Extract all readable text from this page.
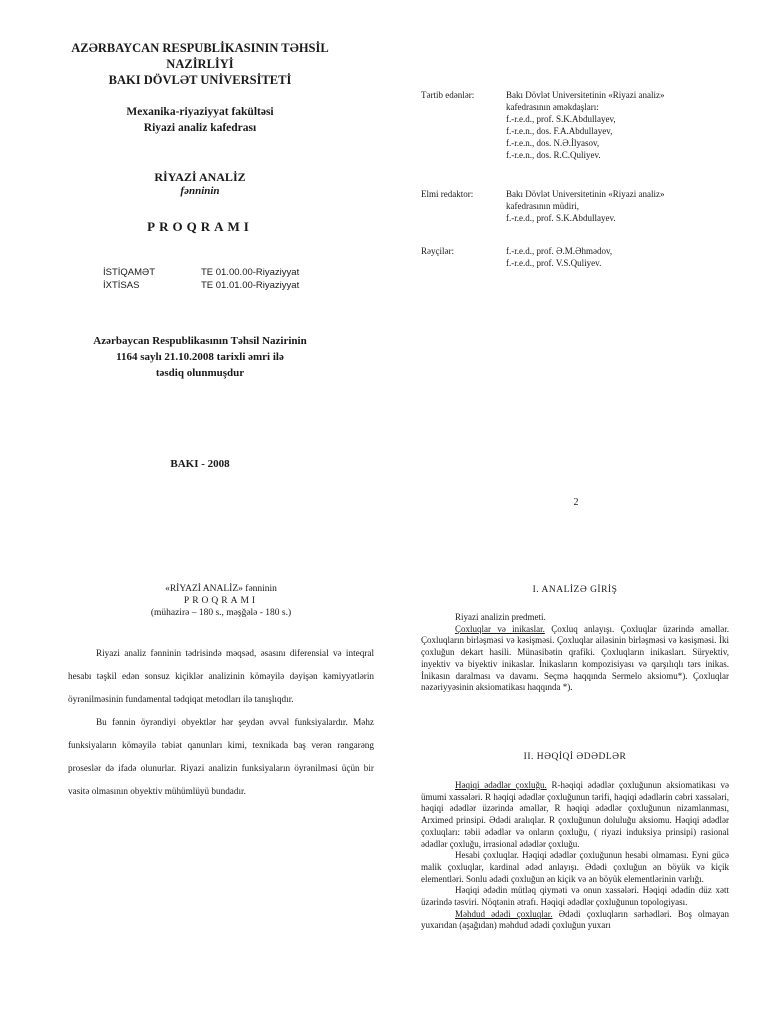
AZƏRBAYCAN RESPUBLİKASININ TƏHSİL
NAZİRLİYİ
BAKI DÖVLƏT UNİVERSİTETİ
Mexanika-riyaziyyat fakültəsi
Riyazi analiz kafedrası
RİYAZİ ANALİZ
fənninin
PROQRAMI
İSTİQAMƏT	TE 01.00.00-Riyaziyyat
İXTİSAS	TE 01.01.00-Riyaziyyat
Azərbaycan Respublikasının Təhsil Nazirinin
1164 saylı 21.10.2008 tarixli əmri ilə
təsdiq olunmuşdur
BAKI - 2008
Tərtib edənlər:	Bakı Dövlət Universitetinin «Riyazi analiz»
kafedrasının əməkdaşları:
f.-r.e.d., prof. S.K.Abdullayev,
f.-r.e.n., dos. F.A.Abdullayev,
f.-r.e.n., dos. N.Ə.İlyasov,
f.-r.e.n., dos. R.C.Quliyev.
Elmi redaktor:	Bakı Dövlət Universitetinin «Riyazi analiz»
kafedrasının müdiri,
f.-r.e.d., prof. S.K.Abdullayev.
Rəyçilər:	f.-r.e.d., prof. Ə.M.Əhmədov,
f.-r.e.d., prof. V.S.Quliyev.
2
«RİYAZİ ANALİZ» fənninin
PROQRAMI
(mühazirə – 180 s., məşğələ - 180 s.)

Riyazi analiz fənninin tədrisində məqsəd, əsasını diferensial və inteqral hesabı təşkil edən sonsuz kiçiklər analizinin köməyilə dəyişən kəmiyyətlərin öyrənilməsinin fundamental tədqiqat metodları ilə tanışlıqdır.

Bu fənnin öyrəndiyi obyektlər hər şeydən əvvəl funksiyalardır. Məhz funksiyaların köməyilə təbiət qanunları kimi, texnikada baş verən rəngarəng proseslər də ifadə olunurlar. Riyazi analizin funksiyaların öyrənilməsi üçün bir vasitə olmasının obyektiv mühümlüyü bundadır.

I. ANALİZƏ GİRİŞ

Riyazi analizin predmeti.

Çoxluqlar və inikaslar. Çoxluq anlayışı. Çoxluqlar üzərində əməllər. Çoxluqların birləşməsi və kəsişməsi. Çoxluqlar ailəsinin birləşməsi və kəsişməsi. İki çoxluğun dekart hasili. Münasibətin qrafiki. Çoxluqların inikasları. Süryektiv, inyektiv və biyektiv inikaslar. İnikasların kompozisiyası və qarşılıqlı tərs inikas. İnikasın daralması və davamı. Seçmə haqqında Sermelo aksiomu*). Çoxluqlar nəzəriyyəsinin aksiomatikası haqqında *).

II. HƏQİQİ ƏDƏDLƏR

Həqiqi ədədlər çoxluğu. R-həqiqi ədədlər çoxluğunun aksiomatikası və ümumi xassələri. R həqiqi ədədlər çoxluğunun tərifi, həqiqi ədədlərin cəbri xassələri, həqiqi ədədlər üzərində əməllər, R həqiqi ədədlər çoxluğunun nizamlanması, Arximed prinsipi. Ədədi aralıqlar. R çoxluğunun doluluğu aksiomu. Həqiqi ədədlər çoxluqları: təbii ədədlər və onların çoxluğu, ( riyazi induksiya prinsipi) rasional ədədlər çoxluğu, irrasional ədədlər çoxluğu.

Hesabi çoxluqlar. Həqiqi ədədlər çoxluğunun hesabi olmaması. Eyni gücə malik çoxluqlar, kardinal ədəd anlayışı. Ədədi çoxluğun ən böyük və kiçik elementləri. Sonlu ədədi çoxluğun ən kiçik və ən böyük elementlərinin varlığı.

Həqiqi ədədin mütləq qiyməti və onun xassələri. Həqiqi ədədin düz xətt üzərində təsviri. Nöqtənin ətrafı. Həqiqi ədədlər çoxluğunun topologiyası.

Məhdud ədədi çoxluqlar. Ədədi çoxluqların sərhədləri. Boş olmayan yuxarıdan (aşağıdan) məhdud ədədi çoxluğun yuxarı
